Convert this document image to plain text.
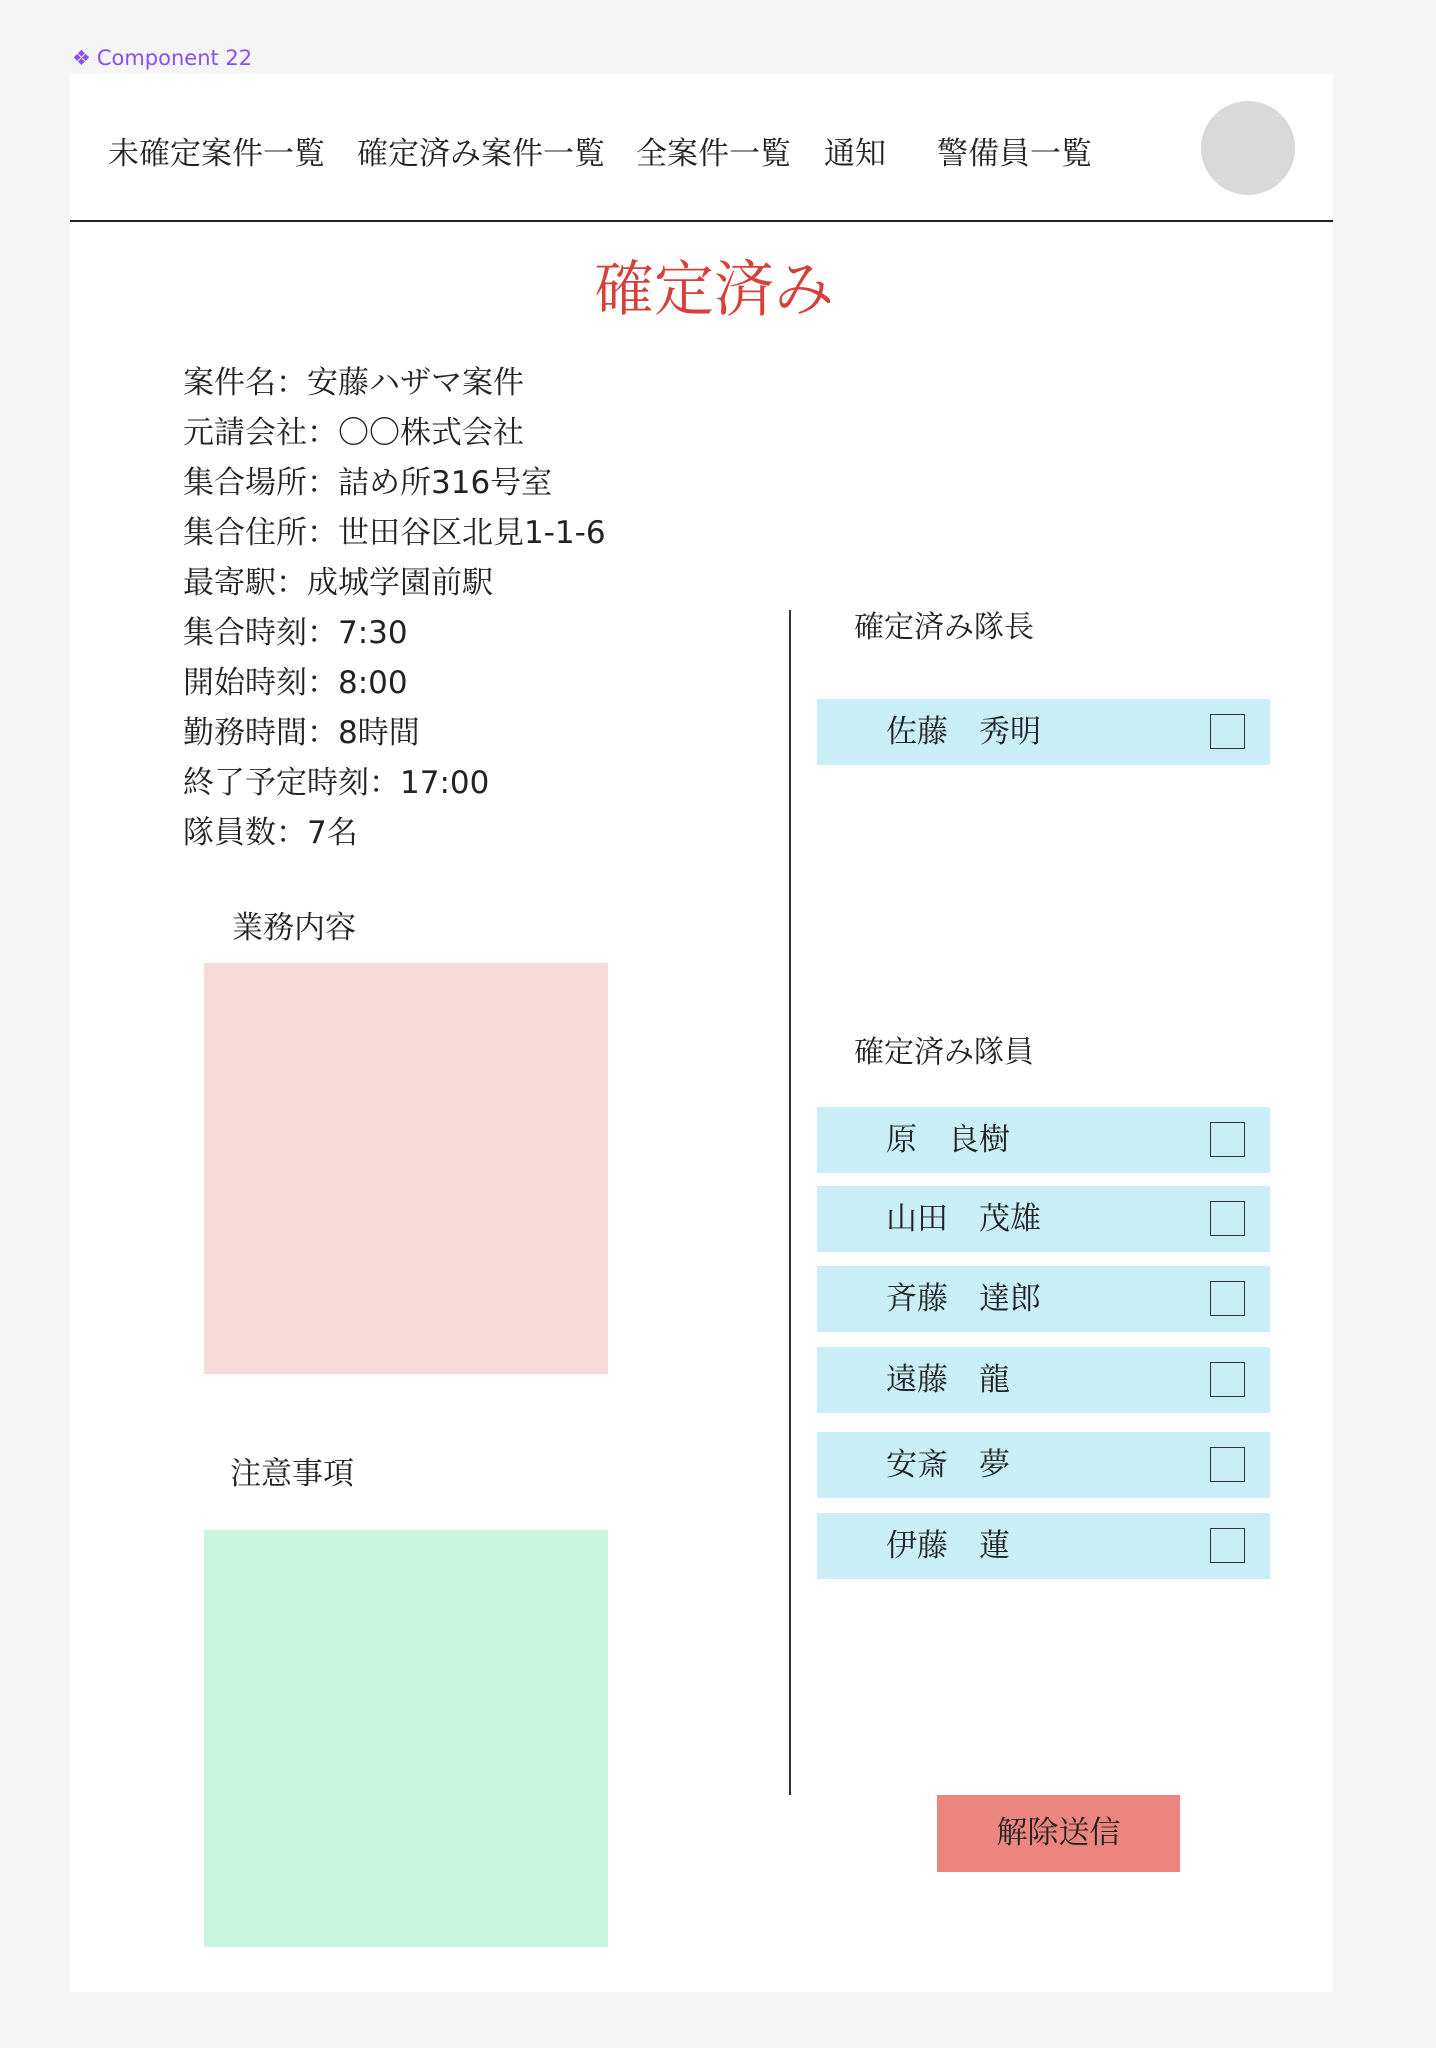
❖ Component 22
未確定案件一覧 確定済み案件一覧 全案件一覧 通知 警備員一覧
確定済み
案件名：安藤ハザマ案件
元請会社：〇〇株式会社
集合場所：詰め所316号室
集合住所：世田谷区北見1-1-6
最寄駅：成城学園前駅
集合時刻：7:30
開始時刻：8:00
勤務時間：8時間
終了予定時刻：17:00
隊員数：7名
業務内容
注意事項
確定済み隊長
佐藤　秀明
確定済み隊員
原　良樹
山田　茂雄
斉藤　達郎
遠藤　龍
安斎　夢
伊藤　蓮
解除送信
